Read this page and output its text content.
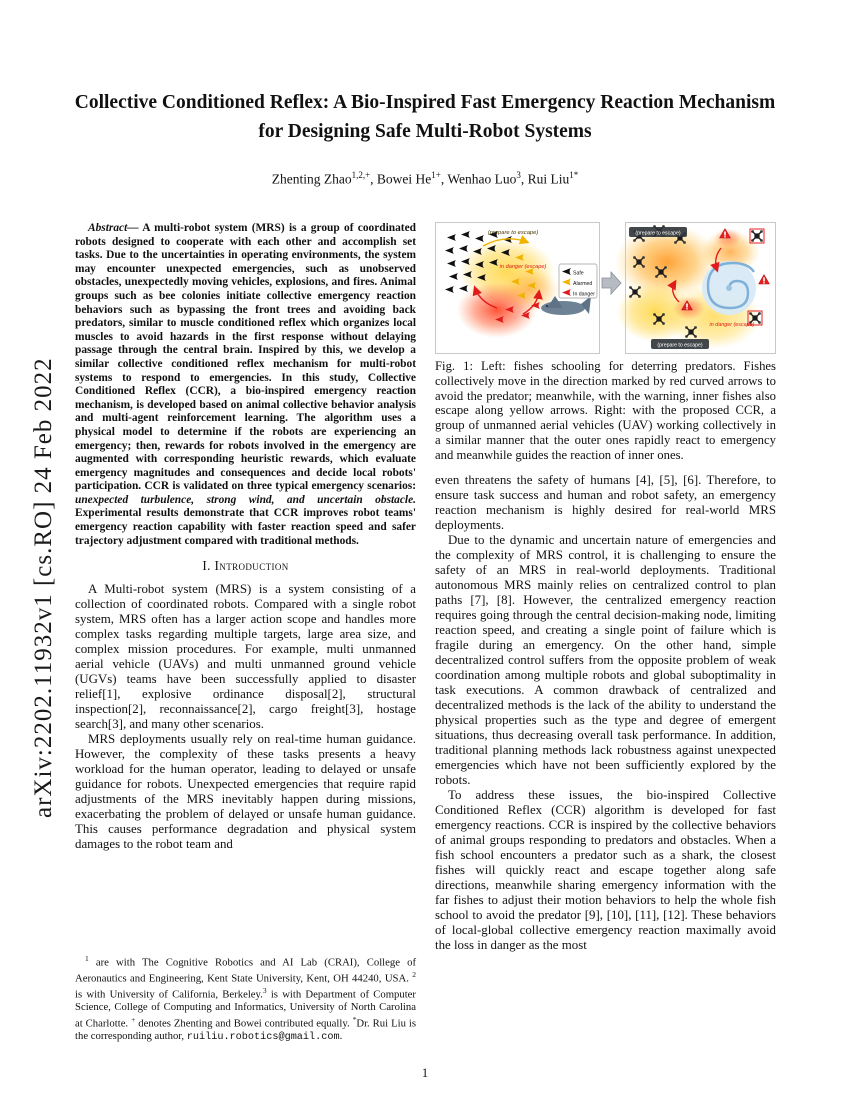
arXiv:2202.11932v1 [cs.RO] 24 Feb 2022
Collective Conditioned Reflex: A Bio-Inspired Fast Emergency Reaction Mechanism for Designing Safe Multi-Robot Systems
Zhenting Zhao$^{1,2,+}$, Bowei $He^{1+}$, Wenhao Luo$^3$, Rui Liu$^{1*}$

Abstract— A multi-robot system (MRS) is a group of coordinated robots designed to cooperate with each other and accomplish set tasks. Due to the uncertainties in operating environments, the system may encounter unexpected emergencies, such as unobserved obstacles, unexpectedly moving vehicles, explosions, and fires. Animal groups such as bee colonies initiate collective emergency reaction behaviors such as bypassing the front trees and avoiding back predators, similar to muscle conditioned reflex which organizes local muscles to avoid hazards in the first response without delaying passage through the central brain. Inspired by this, we develop a similar collective conditioned reflex mechanism for multi-robot systems to respond to emergencies. In this study, Collective Conditioned Reflex (CCR), a bio-inspired emergency reaction mechanism, is developed based on animal collective behavior analysis and multi-agent reinforcement learning. The algorithm uses a physical model to determine if the robots are experiencing an emergency; then, rewards for robots involved in the emergency are augmented with corresponding heuristic rewards, which evaluate emergency magnitudes and consequences and decide local robots' participation. CCR is validated on three typical emergency scenarios: unexpected turbulence, strong wind, and uncertain obstacle. Experimental results demonstrate that CCR improves robot teams' emergency reaction capability with faster reaction speed and safer trajectory adjustment compared with traditional methods.

I. Introduction

A Multi-robot system (MRS) is a system consisting of a collection of coordinated robots. Compared with a single robot system, MRS often has a larger action scope and handles more complex tasks regarding multiple targets, large area size, and complex mission procedures. For example, multi unmanned aerial vehicle (UAVs) and multi unmanned ground vehicle (UGVs) teams have been successfully applied to disaster relief[1], explosive ordinance disposal[2], structural inspection[2], reconnaissance[2], cargo freight[3], hostage search[3], and many other scenarios.

MRS deployments usually rely on real-time human guidance. However, the complexity of these tasks presents a heavy workload for the human operator, leading to delayed or unsafe guidance for robots. Unexpected emergencies that require rapid adjustments of the MRS inevitably happen during missions, exacerbating the problem of delayed or unsafe human guidance. This causes performance degradation and physical system damages to the robot team and

Safe
Alarmed
In danger
(prepare to escape)
in danger (escape)
(prepare to escape)
(prepare to escape)
in danger (escape)

Fig. 1: Left: fishes schooling for deterring predators. Fishes collectively move in the direction marked by red curved arrows to avoid the predator; meanwhile, with the warning, inner fishes also escape along yellow arrows. Right: with the proposed CCR, a group of unmanned aerial vehicles (UAV) working collectively in a similar manner that the outer ones rapidly react to emergency and meanwhile guides the reaction of inner ones.

even threatens the safety of humans [4], [5], [6]. Therefore, to ensure task success and human and robot safety, an emergency reaction mechanism is highly desired for real-world MRS deployments.

Due to the dynamic and uncertain nature of emergencies and the complexity of MRS control, it is challenging to ensure the safety of an MRS in real-world deployments. Traditional autonomous MRS mainly relies on centralized control to plan paths [7], [8]. However, the centralized emergency reaction requires going through the central decision-making node, limiting reaction speed, and creating a single point of failure which is fragile during an emergency. On the other hand, simple decentralized control suffers from the opposite problem of weak coordination among multiple robots and global suboptimality in task executions. A common drawback of centralized and decentralized methods is the lack of the ability to understand the physical properties such as the type and degree of emergent situations, thus decreasing overall task performance. In addition, traditional planning methods lack robustness against unexpected emergencies which have not been sufficiently explored by the robots.

To address these issues, the bio-inspired Collective Conditioned Reflex (CCR) algorithm is developed for fast emergency reactions. CCR is inspired by the collective behaviors of animal groups responding to predators and obstacles. When a fish school encounters a predator such as a shark, the closest fishes will quickly react and escape together along safe directions, meanwhile sharing emergency information with the far fishes to adjust their motion behaviors to help the whole fish school to avoid the predator [9], [10], [11], [12]. These behaviors of local-global collective emergency reaction maximally avoid the loss in danger as the most

$^1$ are with The Cognitive Robotics and AI Lab (CRAI), College of Aeronautics and Engineering, Kent State University, Kent, OH 44240, USA. $^2$ is with University of California, Berkeley.$^3$ is with Department of Computer Science, College of Computing and Informatics, University of North Carolina at Charlotte. + denotes Zhenting and Bowei contributed equally. *Dr. Rui Liu is the corresponding author, ruiliu.robotics@gmail.com.
1
